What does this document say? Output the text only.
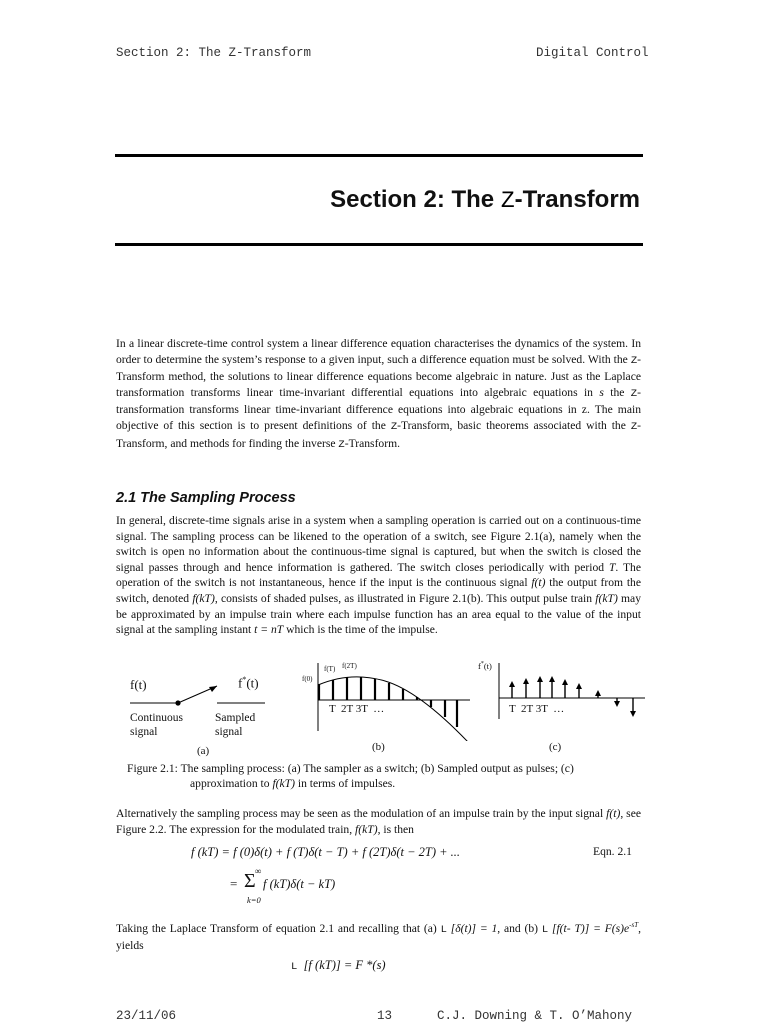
Section 2: The Z-Transform	Digital Control
Section 2: The Z-Transform

In a linear discrete-time control system a linear difference equation characterises the dynamics of the system. In order to determine the system’s response to a given input, such a difference equation must be solved. With the Z-Transform method, the solutions to linear difference equations become algebraic in nature. Just as the Laplace transformation transforms linear time-invariant differential equations into algebraic equations in s the Z-transformation transforms linear time-invariant difference equations into algebraic equations in z. The main objective of this section is to present definitions of the Z-Transform, basic theorems associated with the Z-Transform, and methods for finding the inverse Z-Transform.

2.1 The Sampling Process

In general, discrete-time signals arise in a system when a sampling operation is carried out on a continuous-time signal. The sampling process can be likened to the operation of a switch, see Figure 2.1(a), namely when the switch is open no information about the continuous-time signal is captured, but when the switch is closed the signal passes through and hence information is gathered. The switch closes periodically with period T. The operation of the switch is not instantaneous, hence if the input is the continuous signal f(t) the output from the switch, denoted f(kT), consists of shaded pulses, as illustrated in Figure 2.1(b). This output pulse train f(kT) may be approximated by an impulse train where each impulse function has an area equal to the value of the input signal at the sampling instant t = nT which is the time of the impulse.

f(t)	f*(t)
Continuous
signal
Sampled
signal
(a)
f(0)
f(T) f(2T)
T  2T 3T  …
(b)
f*(t)
T  2T 3T  …
(c)
Figure 2.1: The sampling process: (a) The sampler as a switch; (b) Sampled output as pulses; (c)
approximation to f(kT) in terms of impulses.

Alternatively the sampling process may be seen as the modulation of an impulse train by the input signal f(t), see Figure 2.2. The expression for the modulated train, f(kT), is then

f (kT) = f (0)δ(t) + f (T)δ(t − T) + f (2T)δ(t − 2T) + ...	Eqn. 2.1
=
∞
Σ
k=0
f (kT)δ(t − kT)

Taking the Laplace Transform of equation 2.1 and recalling that (a) L [δ(t)] = 1, and (b) L [f(t- $T)] = F(s)e^{-sT}$, yields

L [f (kT)] = F *(s)
23/11/06	13	C.J. Downing & T. O’Mahony
